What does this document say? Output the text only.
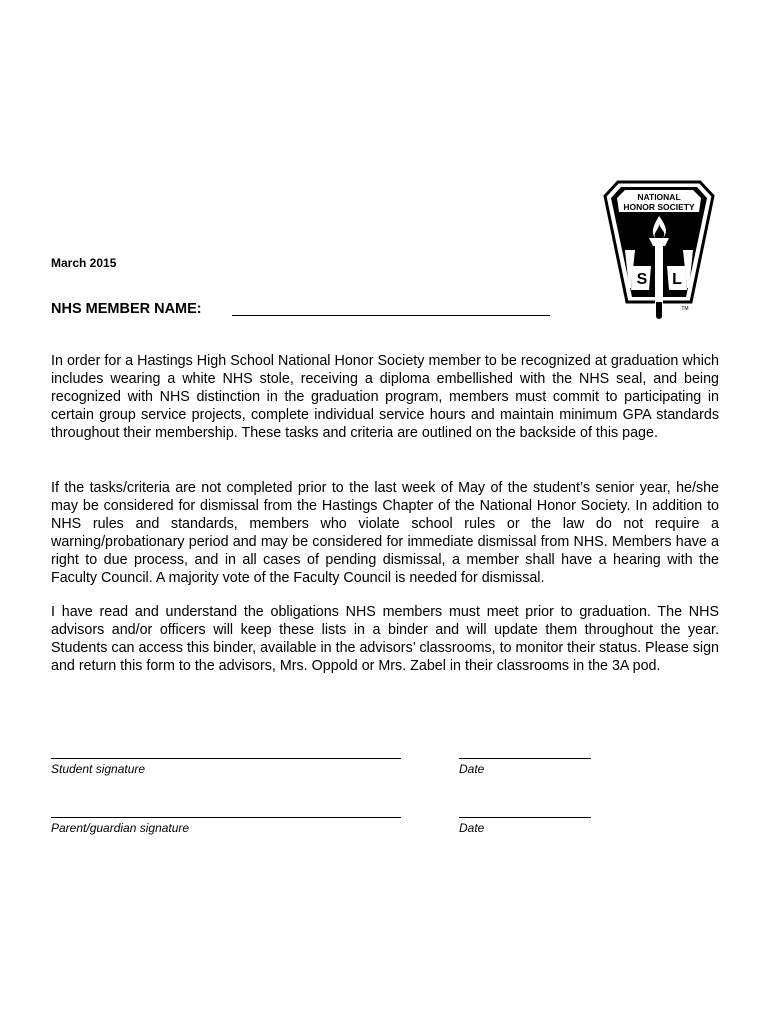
NATIONAL
HONOR SOCIETY
S L
TM
March 2015
NHS MEMBER NAME:

In order for a Hastings High School National Honor Society member to be recognized at graduation which includes wearing a white NHS stole, receiving a diploma embellished with the NHS seal, and being recognized with NHS distinction in the graduation program, members must commit to participating in certain group service projects, complete individual service hours and maintain minimum GPA standards throughout their membership. These tasks and criteria are outlined on the backside of this page.

If the tasks/criteria are not completed prior to the last week of May of the student’s senior year, he/she may be considered for dismissal from the Hastings Chapter of the National Honor Society. In addition to NHS rules and standards, members who violate school rules or the law do not require a warning/probationary period and may be considered for immediate dismissal from NHS. Members have a right to due process, and in all cases of pending dismissal, a member shall have a hearing with the Faculty Council. A majority vote of the Faculty Council is needed for dismissal.

I have read and understand the obligations NHS members must meet prior to graduation. The NHS advisors and/or officers will keep these lists in a binder and will update them throughout the year. Students can access this binder, available in the advisors’ classrooms, to monitor their status. Please sign and return this form to the advisors, Mrs. Oppold or Mrs. Zabel in their classrooms in the 3A pod.

Student signature	Date
Parent/guardian signature	Date
